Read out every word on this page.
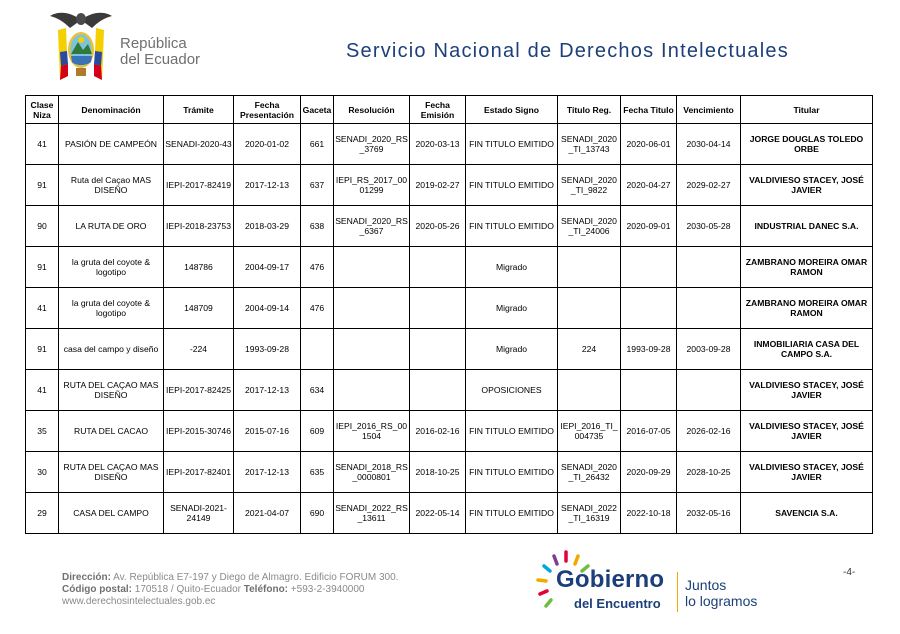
República
del Ecuador	Servicio Nacional de Derechos Intelectuales
Clase Niza	Denominación	Trámite	Fecha Presentación	Gaceta	Resolución	Fecha Emisión	Estado Signo	Titulo Reg.	Fecha Titulo	Vencimiento	Titular
41	PASIÓN DE CAMPEÓN	SENADI-2020-43	2020-01-02	661	SENADI_2020_RS_3769	2020-03-13	FIN TITULO EMITIDO	SENADI_2020_TI_13743	2020-06-01	2030-04-14	JORGE DOUGLAS TOLEDO ORBE
91	Ruta del Caçao MAS DISEÑO	IEPI-2017-82419	2017-12-13	637	IEPI_RS_2017_0001299	2019-02-27	FIN TITULO EMITIDO	SENADI_2020_TI_9822	2020-04-27	2029-02-27	VALDIVIESO STACEY, JOSÉ JAVIER
90	LA RUTA DE ORO	IEPI-2018-23753	2018-03-29	638	SENADI_2020_RS_6367	2020-05-26	FIN TITULO EMITIDO	SENADI_2020_TI_24006	2020-09-01	2030-05-28	INDUSTRIAL DANEC S.A.
91	la gruta del coyote & logotipo	148786	2004-09-17	476			Migrado				ZAMBRANO MOREIRA OMAR RAMON
41	la gruta del coyote & logotipo	148709	2004-09-14	476			Migrado				ZAMBRANO MOREIRA OMAR RAMON
91	casa del campo y diseño	-224	1993-09-28				Migrado	224	1993-09-28	2003-09-28	INMOBILIARIA CASA DEL CAMPO S.A.
41	RUTA DEL CAÇAO MAS DISEÑO	IEPI-2017-82425	2017-12-13	634			OPOSICIONES				VALDIVIESO STACEY, JOSÉ JAVIER
35	RUTA DEL CACAO	IEPI-2015-30746	2015-07-16	609	IEPI_2016_RS_001504	2016-02-16	FIN TITULO EMITIDO	IEPI_2016_TI_004735	2016-07-05	2026-02-16	VALDIVIESO STACEY, JOSÉ JAVIER
30	RUTA DEL CAÇAO MAS DISEÑO	IEPI-2017-82401	2017-12-13	635	SENADI_2018_RS_0000801	2018-10-25	FIN TITULO EMITIDO	SENADI_2020_TI_26432	2020-09-29	2028-10-25	VALDIVIESO STACEY, JOSÉ JAVIER
29	CASA DEL CAMPO	SENADI-2021-24149	2021-04-07	690	SENADI_2022_RS_13611	2022-05-14	FIN TITULO EMITIDO	SENADI_2022_TI_16319	2022-10-18	2032-05-16	SAVENCIA S.A.
Dirección: Av. República E7-197 y Diego de Almagro. Edificio FORUM 300.
Código postal: 170518 / Quito-Ecuador Teléfono: +593-2-3940000
www.derechosintelectuales.gob.ec
Gobierno
del Encuentro
Juntos
lo logramos
-4-
